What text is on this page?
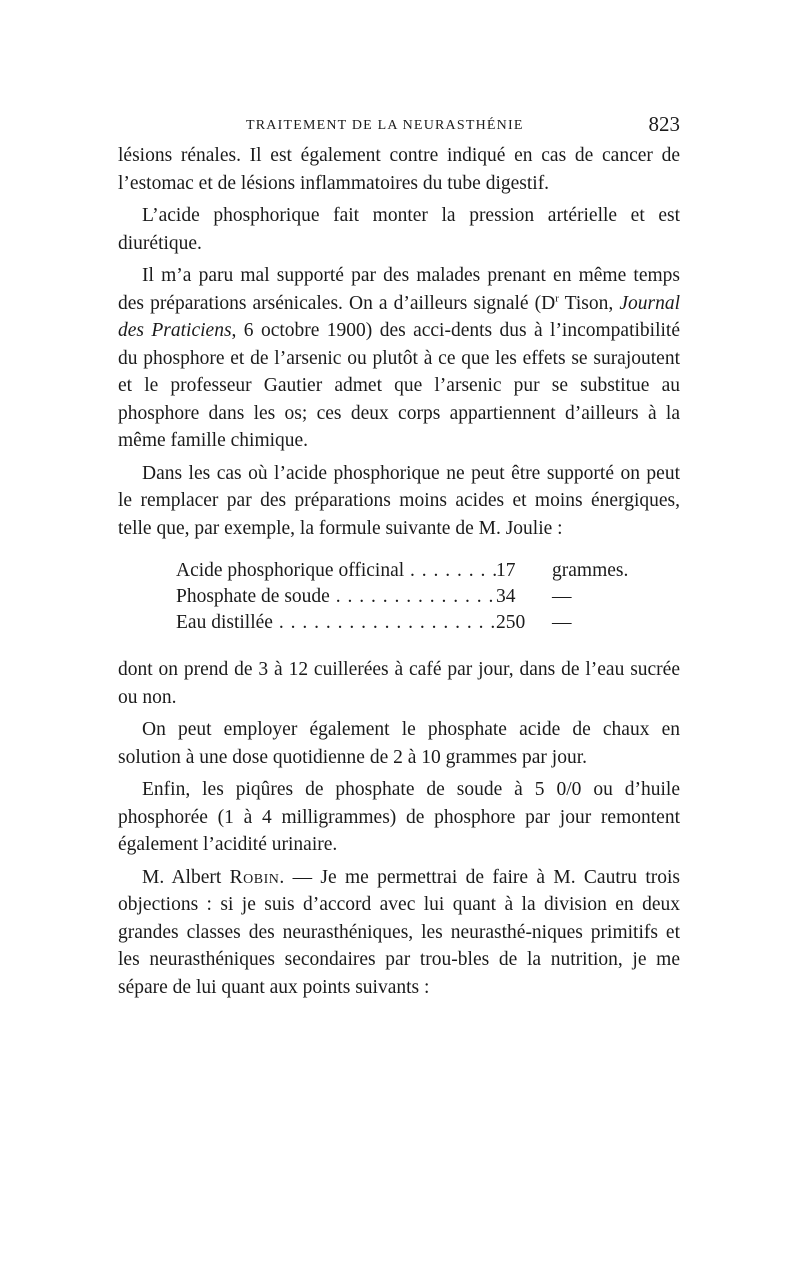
TRAITEMENT DE LA NEURASTHÉNIE	823

lésions rénales. Il est également contre indiqué en cas de cancer de l’estomac et de lésions inflammatoires du tube digestif.

L’acide phosphorique fait monter la pression artérielle et est diurétique.

Il m’a paru mal supporté par des malades prenant en même temps des préparations arsénicales. On a d’ailleurs signalé ($D^r$ Tison, Journal des Praticiens, 6 octobre 1900) des acci-dents dus à l’incompatibilité du phosphore et de l’arsenic ou plutôt à ce que les effets se surajoutent et le professeur Gautier admet que l’arsenic pur se substitue au phosphore dans les os; ces deux corps appartiennent d’ailleurs à la même famille chimique.

Dans les cas où l’acide phosphorique ne peut être supporté on peut le remplacer par des préparations moins acides et moins énergiques, telle que, par exemple, la formule suivante de M. Joulie :

Acide phosphorique officinal . . .	17	grammes.
Phosphate de soude . . .	34	—
Eau distillée . . .	250	—

dont on prend de 3 à 12 cuillerées à café par jour, dans de l’eau sucrée ou non.

On peut employer également le phosphate acide de chaux en solution à une dose quotidienne de 2 à 10 grammes par jour.

Enfin, les piqûres de phosphate de soude à 5 0/0 ou d’huile phosphorée (1 à 4 milligrammes) de phosphore par jour remontent également l’acidité urinaire.

M. Albert Robin. — Je me permettrai de faire à M. Cautru trois objections : si je suis d’accord avec lui quant à la division en deux grandes classes des neurasthéniques, les neurasthé-niques primitifs et les neurasthéniques secondaires par trou-bles de la nutrition, je me sépare de lui quant aux points suivants :
